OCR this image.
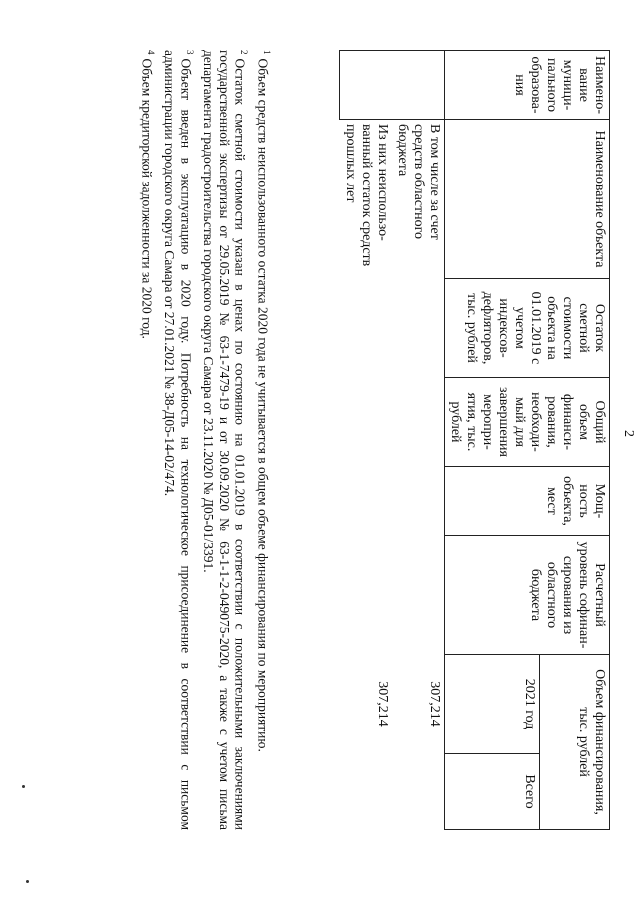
2
Наимено-вание муници-пального образова-ния	Наименование объекта	Остаток сметной стоимости объекта на 01.01.2019 с учетом индексов-дефляторов, тыс. рублей	Общий объем финанси-рования, необходи-мый для завершения меропри-ятия, тыс. рублей	Мощ-ность объекта, мест	Расчетный уровень софинан-сирования из областного бюджета	Объем финансирования, тыс. рублей	
						2021 год	Всего
	В том числе за счет средств областного бюджета					307,214	
	Из них неиспользо-ванный остаток средств прошлых лет					307,214	

$^1$Объем средств неиспользованного остатка 2020 года не учитывается в общем объеме финансирования по мероприятию.

$^2$Остаток сметной стоимости указан в ценах по состоянию на 01.01.2019 в соответствии с положительными заключениями государственной экспертизы от 29.05.2019 № 63-1-7479-19 и от 30.09.2020 № 63-1-1-2-049075-2020, а также с учетом письма департамента градостроительства городского округа Самара от 23.11.2020 № Д05-01/3391.

$^3$Объект введен в эксплуатацию в 2020 году. Потребность на технологическое присоединение в соответствии с письмом администрации городского округа Самара от 27.01.2021 № 38-Д05-14-02/474.

$^4$Объем кредиторской задолженности за 2020 год.
